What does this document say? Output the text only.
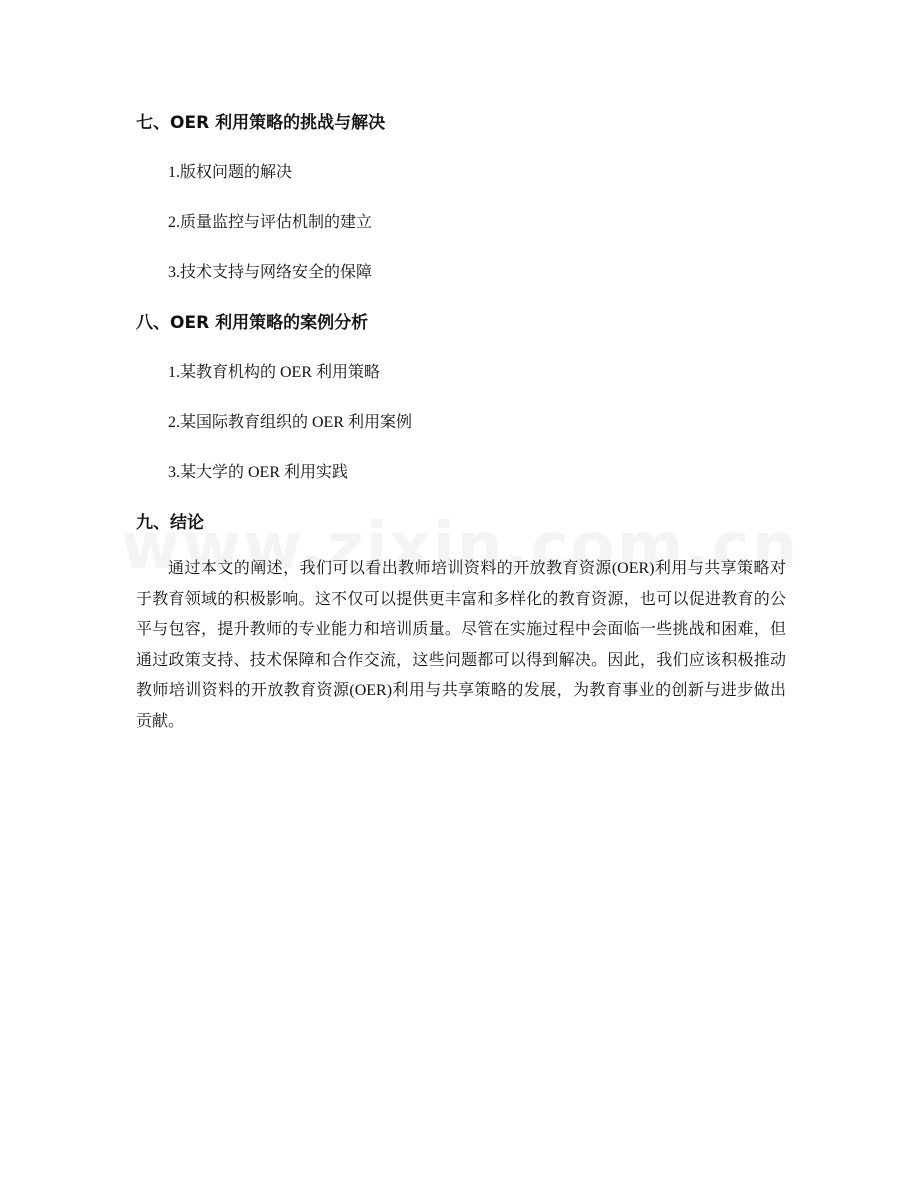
七、OER 利用策略的挑战与解决
1.版权问题的解决
2.质量监控与评估机制的建立
3.技术支持与网络安全的保障
八、OER 利用策略的案例分析
1.某教育机构的 OER 利用策略
2.某国际教育组织的 OER 利用案例
3.某大学的 OER 利用实践
九、结论

通过本文的阐述，我们可以看出教师培训资料的开放教育资源(OER)利用与共享策略对于教育领域的积极影响。这不仅可以提供更丰富和多样化的教育资源，也可以促进教育的公平与包容，提升教师的专业能力和培训质量。尽管在实施过程中会面临一些挑战和困难，但通过政策支持、技术保障和合作交流，这些问题都可以得到解决。因此，我们应该积极推动教师培训资料的开放教育资源(OER)利用与共享策略的发展，为教育事业的创新与进步做出贡献。
